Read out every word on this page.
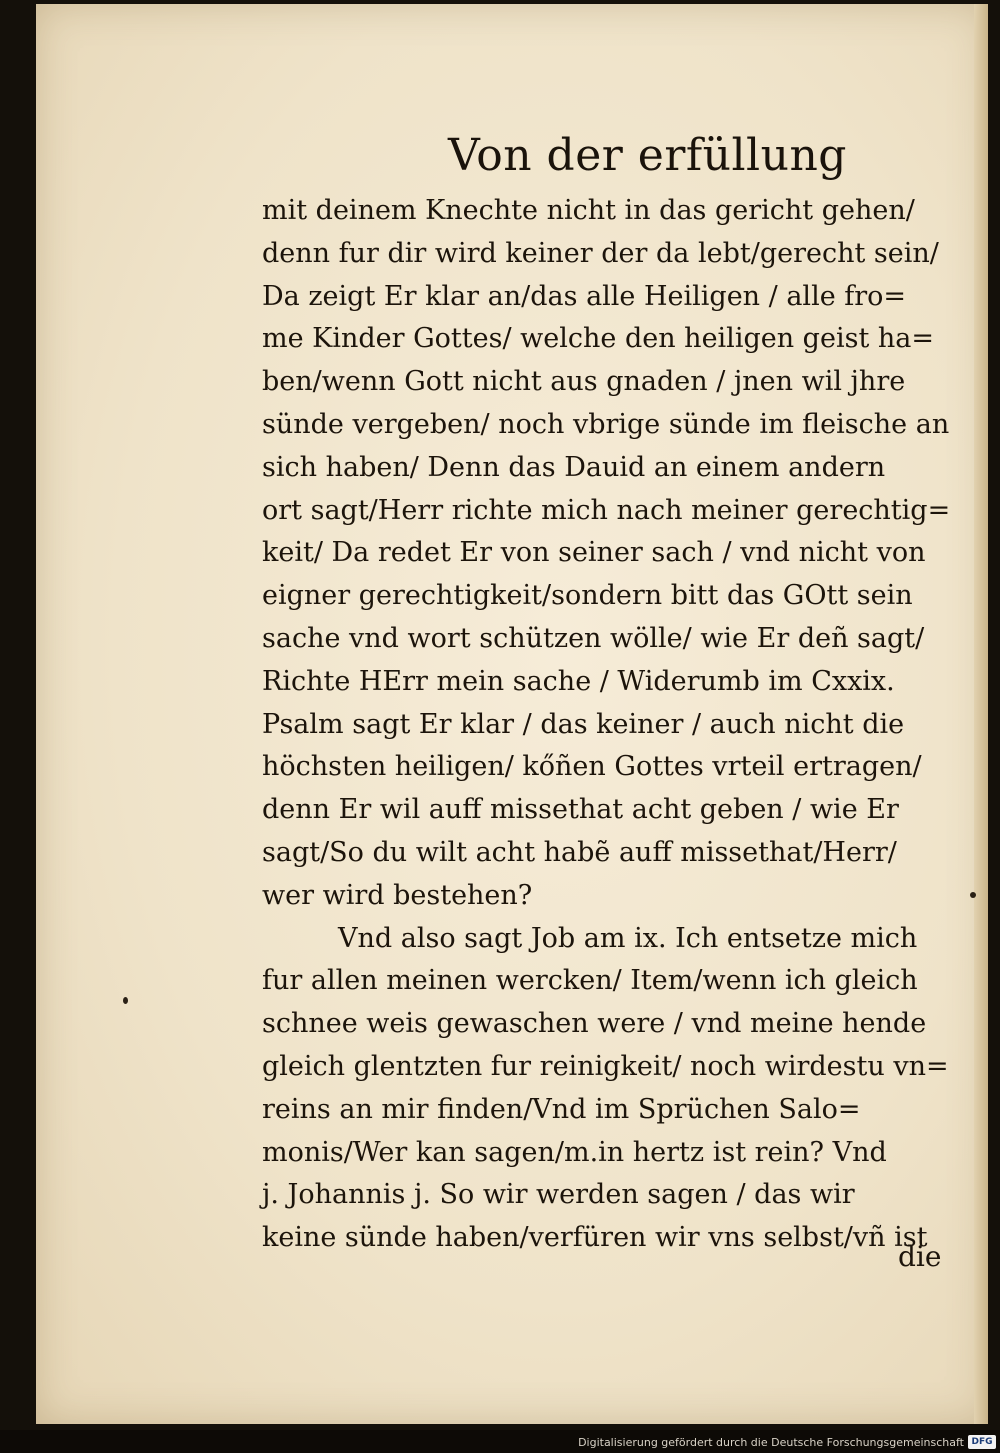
Von der erfüllung
mit deinem Knechte nicht in das gericht gehen/
denn fur dir wird keiner der da lebt/gerecht sein/
Da zeigt Er klar an/das alle Heiligen / alle fro=
me Kinder Gottes/ welche den heiligen geist ha=
ben/wenn Gott nicht aus gnaden / jnen wil jhre
sünde vergeben/ noch vbrige sünde im fleische an
sich haben/ Denn das Dauid an einem andern
ort sagt/Herr richte mich nach meiner gerechtig=
keit/ Da redet Er von seiner sach / vnd nicht von
eigner gerechtigkeit/sondern bitt das GOtt sein
sache vnd wort schützen wölle/ wie Er deñ sagt/
Richte HErr mein sache / Widerumb im Cxxix.
Psalm sagt Er klar / das keiner / auch nicht die
höchsten heiligen/ kőñen Gottes vrteil ertragen/
denn Er wil auff missethat acht geben / wie Er
sagt/So du wilt acht habẽ auff missethat/Herr/
wer wird bestehen?
Vnd also sagt Job am ix. Ich entsetze mich
fur allen meinen wercken/ Item/wenn ich gleich
schnee weis gewaschen were / vnd meine hende
gleich glentzten fur reinigkeit/ noch wirdestu vn=
reins an mir finden/Vnd im Sprüchen Salo=
monis/Wer kan sagen/m.in hertz ist rein? Vnd
j. Johannis j. So wir werden sagen / das wir
keine sünde haben/verfüren wir vns selbst/vñ ist
die
Digitalisierung gefördert durch die Deutsche Forschungsgemeinschaft DFG
